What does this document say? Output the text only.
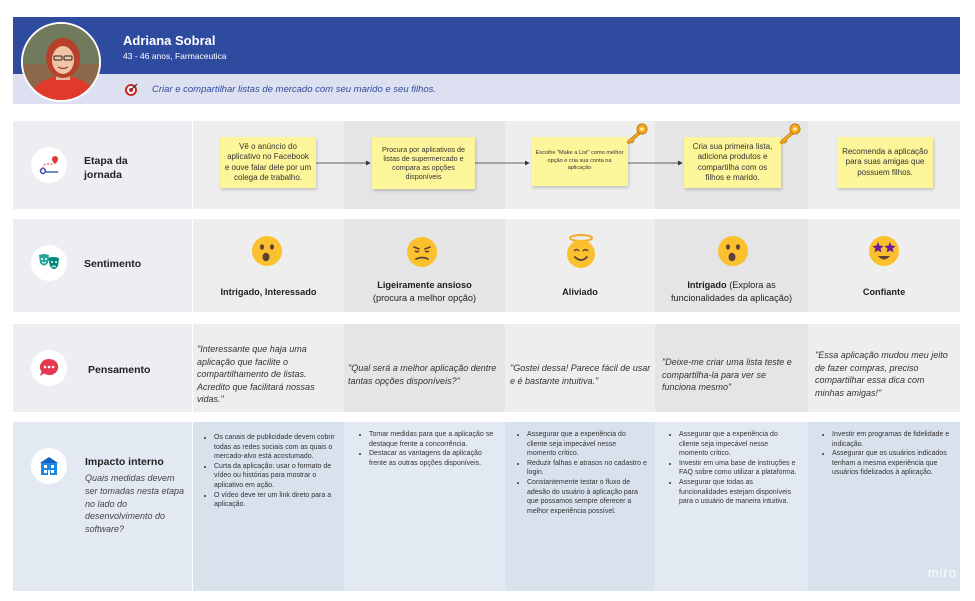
Adriana Sobral
43 - 46 anos, Farmaceutica
Criar e compartilhar listas de mercado com seu marido e seu filhos.
Etapa da
jornada
Vê o anúncio do aplicativo no Facebook e ouve falar dele por um colega de trabalho.
Procura por aplicativos de listas de supermercado e compara as opções disponíveis
Escolhe "Make a List" como melhor opção e cria sua conta na aplicação
Cria sua primeira lista, adiciona produtos e compartilha com os filhos e marido.
Recomenda a aplicação para suas amigas que possuem filhos.
Sentimento
Intrigado, Interessado
Ligeiramente ansioso
(procura a melhor opção)
Aliviado
Intrigado (Explora as funcionalidades da aplicação)
Confiante
Pensamento
"Interessante que haja uma aplicação que facilite o compartilhamento de listas. Acredito que facilitará nossas vidas."
"Qual será a melhor aplicação dentre tantas opções disponíveis?"
"Gostei dessa! Parece fácil de usar e é bastante intuitiva."
"Deixe-me criar uma lista teste e compartilha-la para ver se funciona mesmo"
"Essa aplicação mudou meu jeito de fazer compras, preciso compartilhar essa dica com minhas amigas!"
Impacto interno
Quais medidas devem ser tomadas nesta etapa no lado do desenvolvimento do software?
• Os canais de publicidade devem cobrir todas as redes sociais com as quais o mercado-alvo está acostumado.
• Curta da aplicação: usar o formato de vídeo ou histórias para mostrar o aplicativo em ação.
• O vídeo deve ter um link direto para a aplicação.
• Tomar medidas para que a aplicação se destaque frente a concorrência.
• Destacar as vantagens da aplicação frente as outras opções disponíveis.
• Assegurar que a experiência do cliente seja impecável nesse momento crítico.
• Reduzir falhas e atrasos no cadastro e login.
• Constantemente testar o fluxo de adesão do usuário à aplicação para que possamos sempre oferecer a melhor experiência possível.
• Assegurar que a experiência do cliente seja impecável nesse momento crítico.
• Investir em uma base de instruções e FAQ sobre como utilizar a plataforma.
• Assegurar que todas as funcionalidades estejam disponíveis para o usuário de maneira intuitiva.
• Investir em programas de fidelidade e indicação.
• Assegurar que os usuários indicados tenham a mesma experiência que usuários fidelizados à aplicação.
miro
